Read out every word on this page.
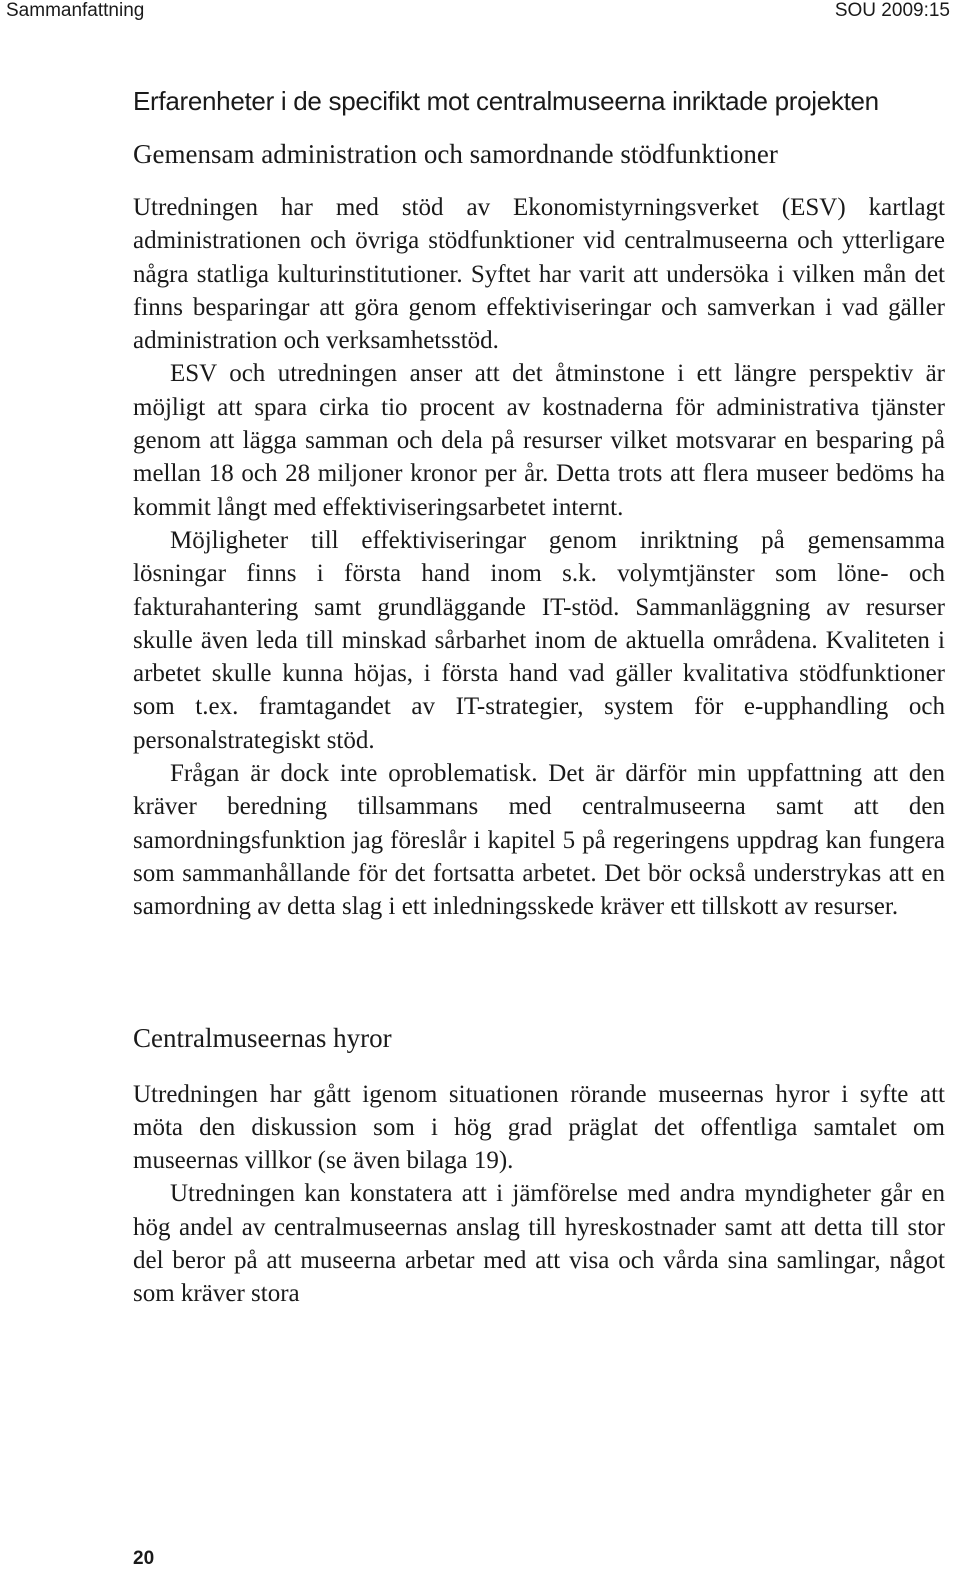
Sammanfattning	SOU 2009:15
Erfarenheter i de specifikt mot centralmuseerna inriktade projekten
Gemensam administration och samordnande stödfunktioner

Utredningen har med stöd av Ekonomistyrningsverket (ESV) kartlagt administrationen och övriga stödfunktioner vid centralmuseerna och ytterligare några statliga kulturinstitutioner. Syftet har varit att undersöka i vilken mån det finns besparingar att göra genom effektiviseringar och samverkan i vad gäller administration och verksamhetsstöd.

ESV och utredningen anser att det åtminstone i ett längre perspektiv är möjligt att spara cirka tio procent av kostnaderna för administrativa tjänster genom att lägga samman och dela på resurser vilket motsvarar en besparing på mellan 18 och 28 miljoner kronor per år. Detta trots att flera museer bedöms ha kommit långt med effektiviseringsarbetet internt.

Möjligheter till effektiviseringar genom inriktning på gemensamma lösningar finns i första hand inom s.k. volymtjänster som löne- och fakturahantering samt grundläggande IT-stöd. Sammanläggning av resurser skulle även leda till minskad sårbarhet inom de aktuella områdena. Kvaliteten i arbetet skulle kunna höjas, i första hand vad gäller kvalitativa stödfunktioner som t.ex. framtagandet av IT-strategier, system för e-upphandling och personalstrategiskt stöd.

Frågan är dock inte oproblematisk. Det är därför min uppfattning att den kräver beredning tillsammans med centralmuseerna samt att den samordningsfunktion jag föreslår i kapitel 5 på regeringens uppdrag kan fungera som sammanhållande för det fortsatta arbetet. Det bör också understrykas att en samordning av detta slag i ett inledningsskede kräver ett tillskott av resurser.

Centralmuseernas hyror

Utredningen har gått igenom situationen rörande museernas hyror i syfte att möta den diskussion som i hög grad präglat det offentliga samtalet om museernas villkor (se även bilaga 19).

Utredningen kan konstatera att i jämförelse med andra myndigheter går en hög andel av centralmuseernas anslag till hyreskostnader samt att detta till stor del beror på att museerna arbetar med att visa och vårda sina samlingar, något som kräver stora

20
